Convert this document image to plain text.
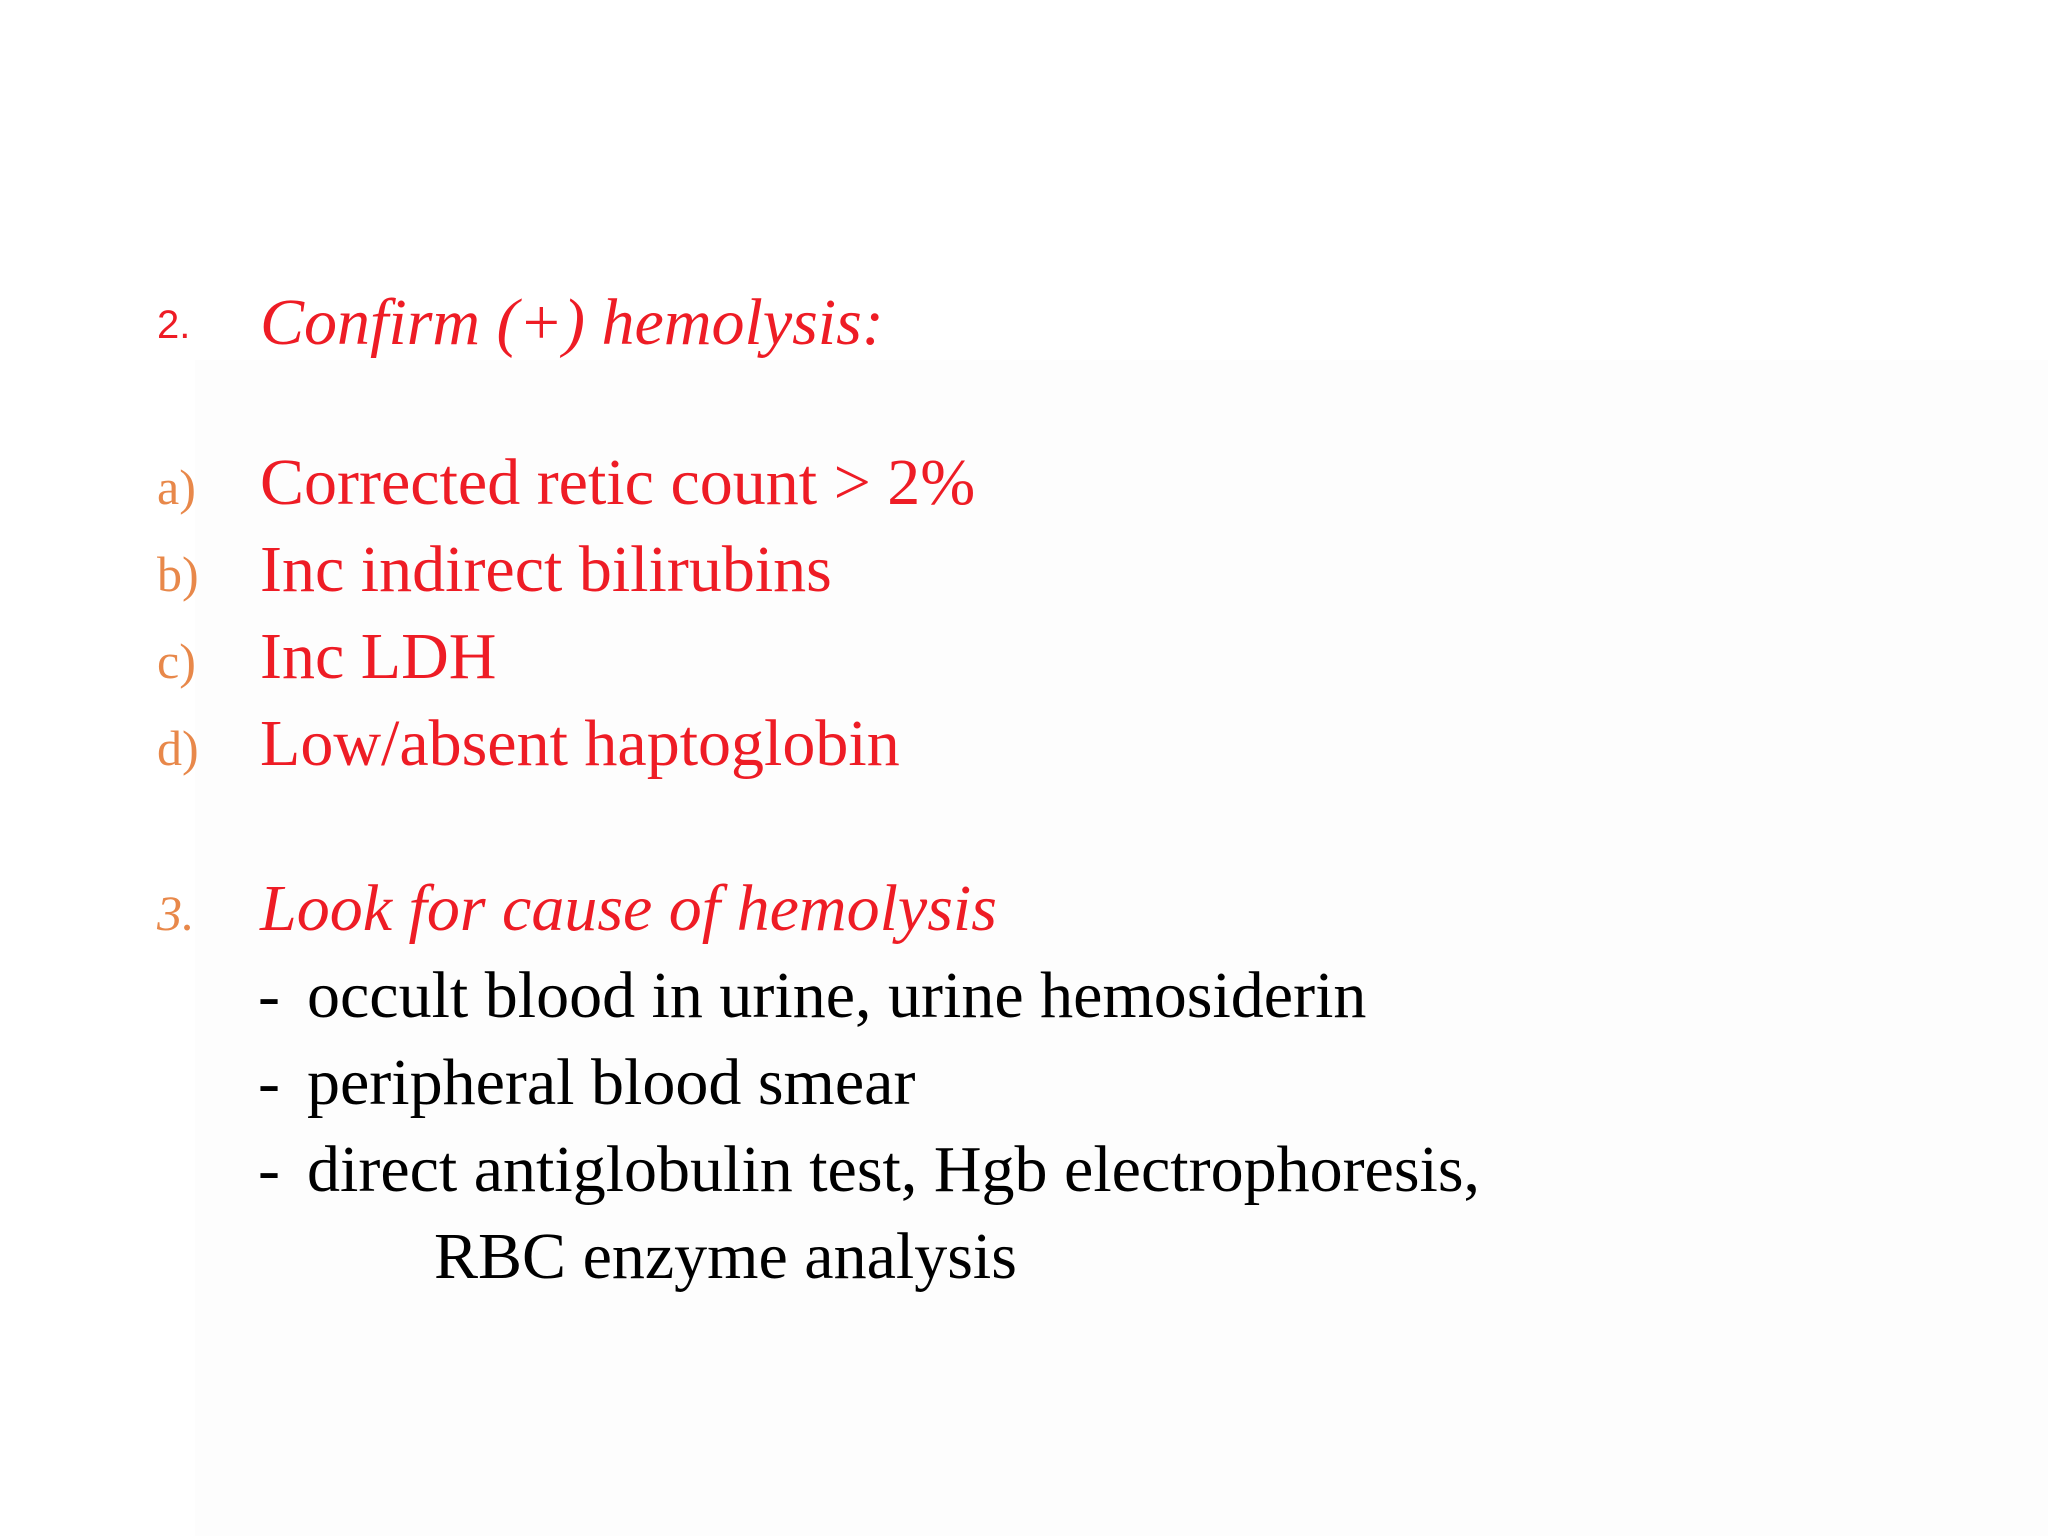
2. Confirm (+) hemolysis:
a) Corrected retic count > 2%
b) Inc indirect bilirubins
c) Inc LDH
d) Low/absent haptoglobin
3. Look for cause of hemolysis
- occult blood in urine, urine hemosiderin
- peripheral blood smear
- direct antiglobulin test, Hgb electrophoresis,
RBC enzyme analysis
